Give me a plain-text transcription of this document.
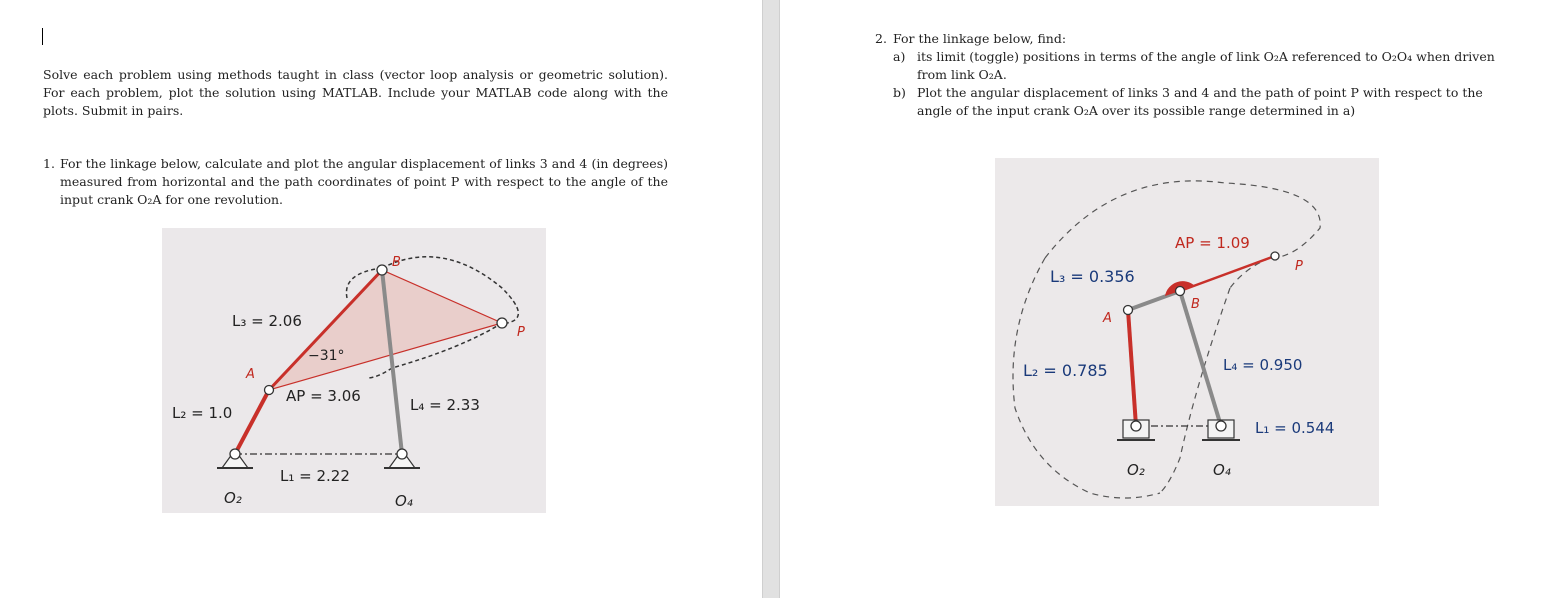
Solve each problem using methods taught in class (vector loop analysis or geometric solution). For each problem, plot the solution using MATLAB. Include your MATLAB code along with the plots. Submit in pairs.
1. For the linkage below, calculate and plot the angular displacement of links 3 and 4 (in degrees) measured from horizontal and the path coordinates of point P with respect to the angle of the input crank O₂A for one revolution.
2. For the linkage below, find:
a) its limit (toggle) positions in terms of the angle of link O₂A referenced to O₂O₄ when driven from link O₂A.
b) Plot the angular displacement of links 3 and 4 and the path of point P with respect to the angle of the input crank O₂A over its possible range determined in a)
L₃ = 2.06
−31°
AP = 3.06
L₂ = 1.0	L₄ = 2.33
L₁ = 2.22
O₂	O₄
A
B
P
AP = 1.09
L₃ = 0.356
L₂ = 0.785	L₄ = 0.950
L₁ = 0.544
O₂	O₄
A
B
P
